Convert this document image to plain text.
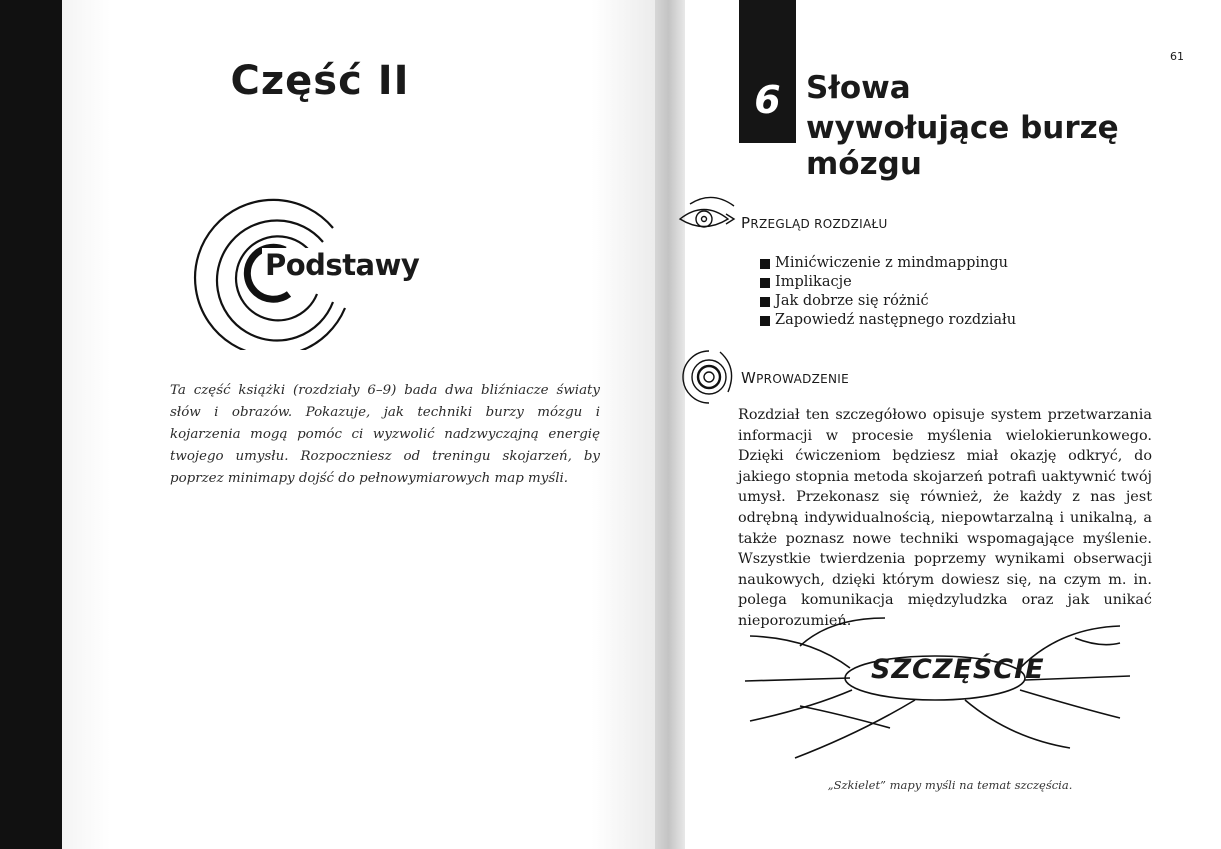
Część II
Podstawy
Ta część książki (rozdziały 6–9) bada dwa bliźniacze światy słów i obrazów. Pokazuje, jak techniki burzy mózgu i kojarzenia mogą pomóc ci wyzwolić nadzwyczajną energię twojego umysłu. Rozpoczniesz od treningu skojarzeń, by poprzez minimapy dojść do pełnowymiarowych map myśli.
61
6 Słowa
wywołujące burzę mózgu
PRZEGLĄD ROZDZIAŁU
Minićwiczenie z mindmappingu
Implikacje
Jak dobrze się różnić
Zapowiedź następnego rozdziału
WPROWADZENIE

Rozdział ten szczegółowo opisuje system przetwarzania informacji w procesie myślenia wielokierunkowego. Dzięki ćwiczeniom będziesz miał okazję odkryć, do jakiego stopnia metoda skojarzeń potrafi uaktywnić twój umysł. Przekonasz się również, że każdy z nas jest odrębną indywidualnością, niepowtarzalną i unikalną, a także poznasz nowe techniki wspomagające myślenie. Wszystkie twierdzenia poprzemy wynikami obserwacji naukowych, dzięki którym dowiesz się, na czym m. in. polega komunikacja międzyludzka oraz jak unikać nieporozumień.

SZCZĘŚCIE
„Szkielet” mapy myśli na temat szczęścia.
